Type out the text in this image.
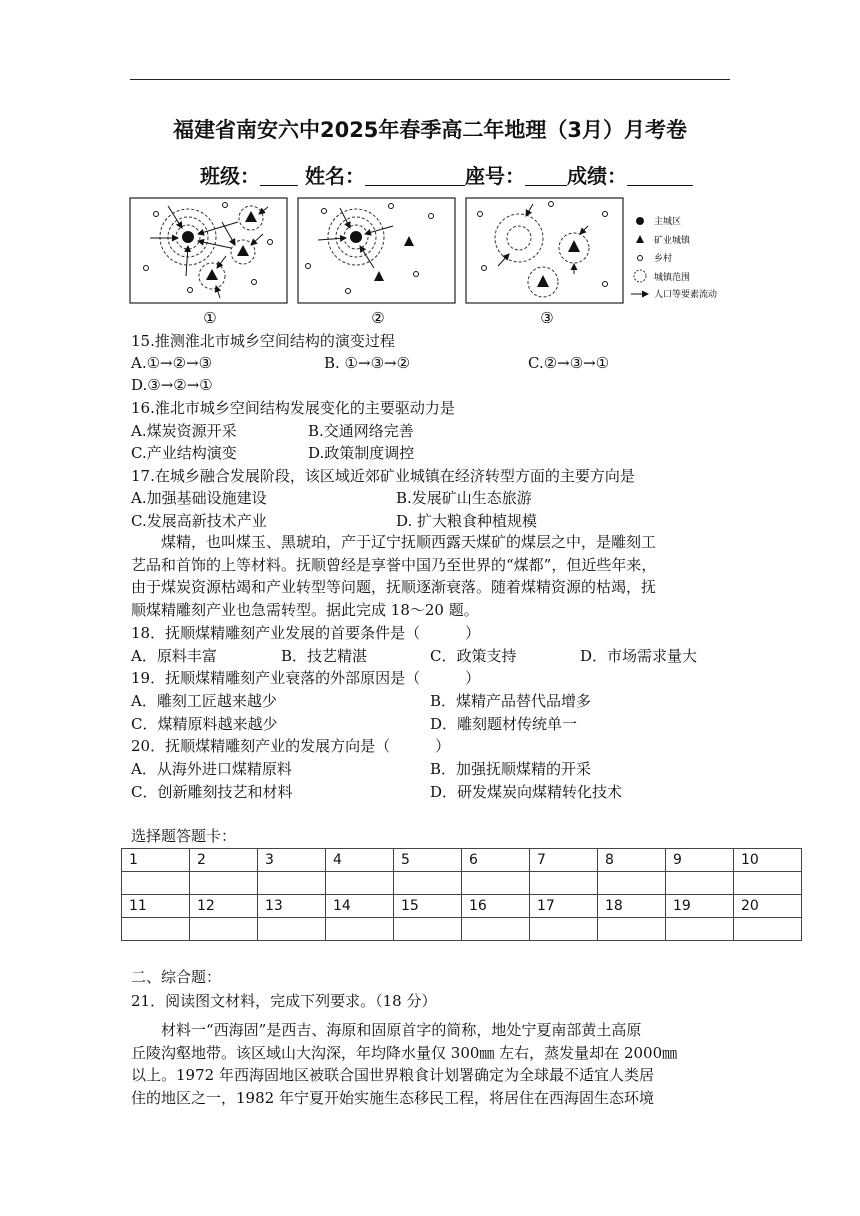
福建省南安六中2025年春季高二年地理（3月）月考卷
班级： 姓名：	座号： 成绩：
①	②	③
主城区
矿业城镇
乡村
城镇范围
人口等要素流动
15.推测淮北市城乡空间结构的演变过程
A.①→②→③	B. ①→③→②	C.②→③→①
D.③→②→①
16.淮北市城乡空间结构发展变化的主要驱动力是
A.煤炭资源开采	B.交通网络完善
C.产业结构演变	D.政策制度调控
17.在城乡融合发展阶段，该区域近郊矿业城镇在经济转型方面的主要方向是
A.加强基础设施建设	B.发展矿山生态旅游
C.发展高新技术产业	D. 扩大粮食种植规模
煤精，也叫煤玉、黑琥珀，产于辽宁抚顺西露天煤矿的煤层之中，是雕刻工
艺品和首饰的上等材料。抚顺曾经是享誉中国乃至世界的“煤都”，但近些年来，
由于煤炭资源枯竭和产业转型等问题，抚顺逐渐衰落。随着煤精资源的枯竭，抚
顺煤精雕刻产业也急需转型。据此完成 18～20 题。
18．抚顺煤精雕刻产业发展的首要条件是（　　　）
A．原料丰富	B．技艺精湛	C．政策支持	D．市场需求量大
19．抚顺煤精雕刻产业衰落的外部原因是（　　　）
A．雕刻工匠越来越少	B．煤精产品替代品增多
C．煤精原料越来越少	D．雕刻题材传统单一
20．抚顺煤精雕刻产业的发展方向是（　　　）
A．从海外进口煤精原料	B．加强抚顺煤精的开采
C．创新雕刻技艺和材料	D．研发煤炭向煤精转化技术
选择题答题卡：
1	2	3	4	5	6	7	8	9	10

11	12	13	14	15	16	17	18	19	20

二、综合题：
21．阅读图文材料，完成下列要求。（18 分）
材料一“西海固”是西吉、海原和固原首字的简称，地处宁夏南部黄土高原
丘陵沟壑地带。该区域山大沟深，年均降水量仅 300㎜ 左右，蒸发量却在 2000㎜
以上。1972 年西海固地区被联合国世界粮食计划署确定为全球最不适宜人类居
住的地区之一，1982 年宁夏开始实施生态移民工程，将居住在西海固生态环境
